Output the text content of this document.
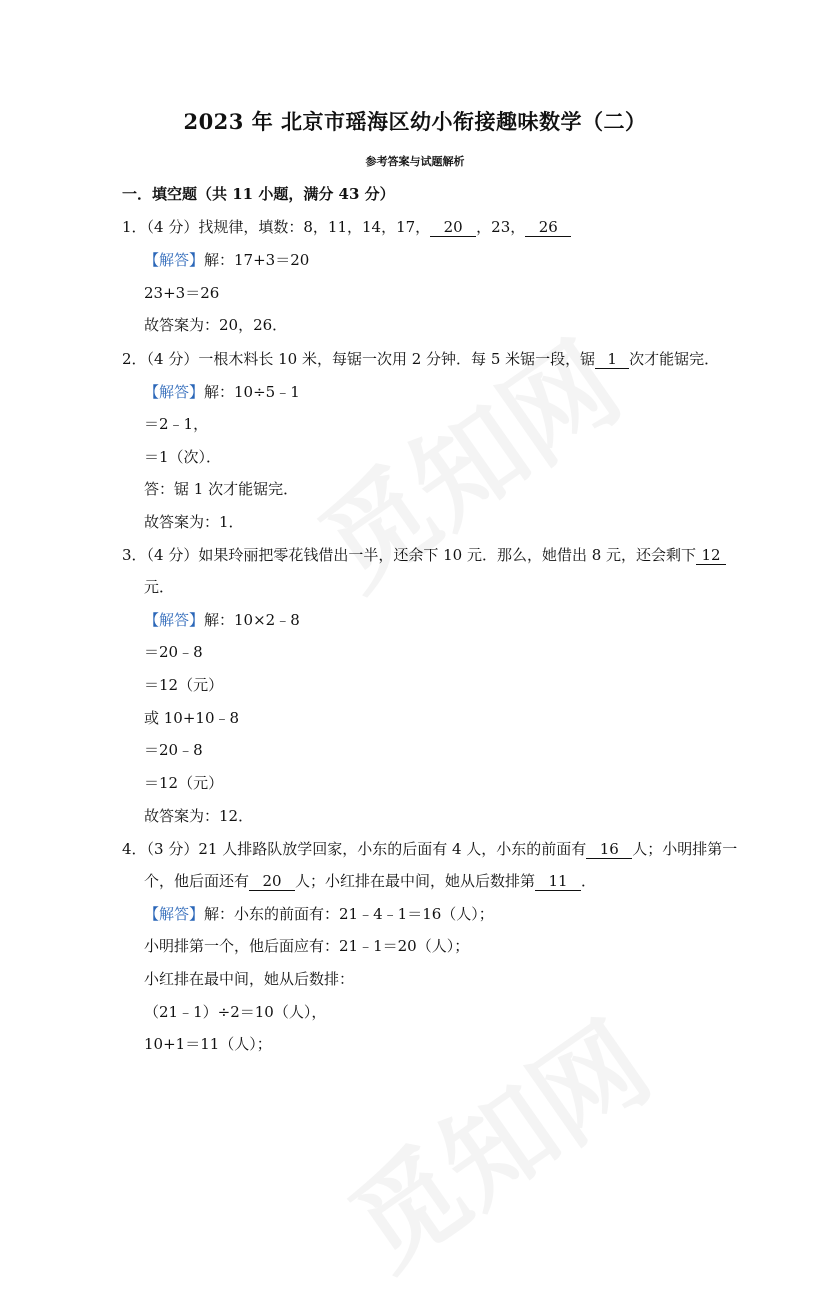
2023 年 北京市瑶海区幼小衔接趣味数学（二）
参考答案与试题解析
一．填空题（共 11 小题，满分 43 分）
1．（4 分）找规律，填数：8，11，14，17， 20 ，23， 26
【解答】解：17+3＝20
23+3＝26
故答案为：20，26．
2．（4 分）一根木料长 10 米，每锯一次用 2 分钟．每 5 米锯一段，锯 1 次才能锯完．
【解答】解：10÷5﹣1
＝2﹣1，
＝1（次）．
答：锯 1 次才能锯完．
故答案为：1．
3．（4 分）如果玲丽把零花钱借出一半，还余下 10 元．那么，她借出 8 元，还会剩下 12
元．
【解答】解：10×2﹣8
＝20﹣8
＝12（元）
或 10+10﹣8
＝20﹣8
＝12（元）
故答案为：12．
4．（3 分）21 人排路队放学回家，小东的后面有 4 人，小东的前面有 16 人；小明排第一
个，他后面还有 20 人；小红排在最中间，她从后数排第 11 ．
【解答】解：小东的前面有：21﹣4﹣1＝16（人）；
小明排第一个，他后面应有：21﹣1＝20（人）；
小红排在最中间，她从后数排：
（21﹣1）÷2＝10（人），
10+1＝11（人）；
